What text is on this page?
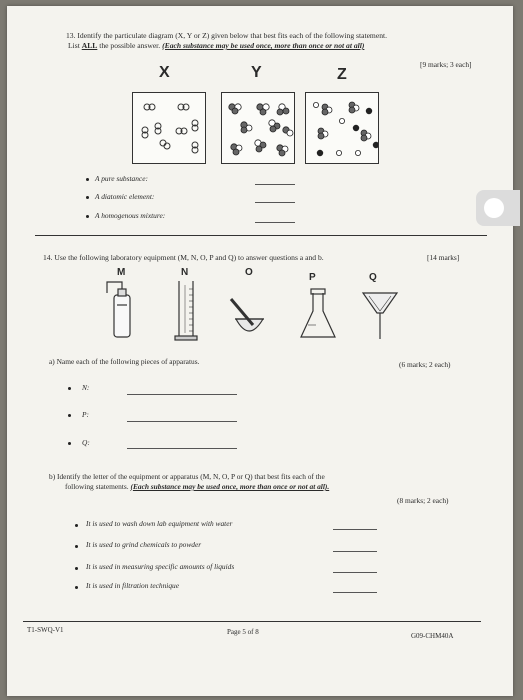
13. Identify the particulate diagram (X, Y or Z) given below that best fits each of the following statement.
List ALL the possible answer. (Each substance may be used once, more than once or not at all)
[9 marks; 3 each]
X	Y	Z
A pure substance:
A diatomic element:
A homogenous mixture:
14. Use the following laboratory equipment (M, N, O, P and Q) to answer questions a and b.	[14 marks]
M	N	O	P	Q
a) Name each of the following pieces of apparatus.	(6 marks; 2 each)
N:
P:
Q:
b) Identify the letter of the equipment or apparatus (M, N, O, P or Q) that best fits each of the
following statements. (Each substance may be used once, more than once or not at all).
(8 marks; 2 each)
It is used to wash down lab equipment with water
It is used to grind chemicals to powder
It is used in measuring specific amounts of liquids
It is used in filtration technique
T1-SWQ-V1	Page 5 of 8	G09-CHM40A
